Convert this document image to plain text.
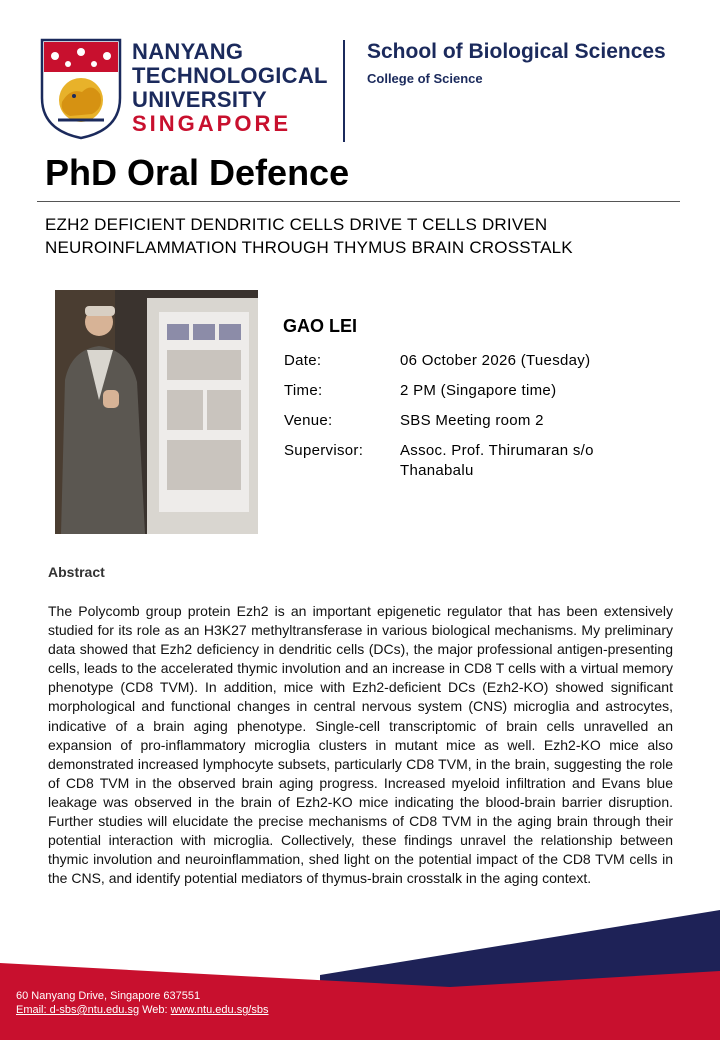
NANYANG
TECHNOLOGICAL
UNIVERSITY
SINGAPORE
School of Biological Sciences
College of Science
PhD Oral Defence
EZH2 DEFICIENT DENDRITIC CELLS DRIVE T CELLS DRIVEN NEUROINFLAMMATION THROUGH THYMUS BRAIN CROSSTALK
GAO LEI
Date:	06 October 2026 (Tuesday)
Time:	2 PM (Singapore time)
Venue:	SBS Meeting room 2
Supervisor: Assoc. Prof. Thirumaran s/o Thanabalu
Abstract
The Polycomb group protein Ezh2 is an important epigenetic regulator that has been extensively studied for its role as an H3K27 methyltransferase in various biological mechanisms. My preliminary data showed that Ezh2 deficiency in dendritic cells (DCs), the major professional antigen-presenting cells, leads to the accelerated thymic involution and an increase in CD8 T cells with a virtual memory phenotype (CD8 TVM). In addition, mice with Ezh2-deficient DCs (Ezh2-KO) showed significant morphological and functional changes in central nervous system (CNS) microglia and astrocytes, indicative of a brain aging phenotype. Single-cell transcriptomic of brain cells unravelled an expansion of pro-inflammatory microglia clusters in mutant mice as well. Ezh2-KO mice also demonstrated increased lymphocyte subsets, particularly CD8 TVM, in the brain, suggesting the role of CD8 TVM in the observed brain aging progress. Increased myeloid infiltration and Evans blue leakage was observed in the brain of Ezh2-KO mice indicating the blood-brain barrier disruption. Further studies will elucidate the precise mechanisms of CD8 TVM in the aging brain through their potential interaction with microglia. Collectively, these findings unravel the relationship between thymic involution and neuroinflammation, shed light on the potential impact of the CD8 TVM cells in the CNS, and identify potential mediators of thymus-brain crosstalk in the aging context.
60 Nanyang Drive, Singapore 637551
Email: d-sbs@ntu.edu.sg Web: www.ntu.edu.sg/sbs
